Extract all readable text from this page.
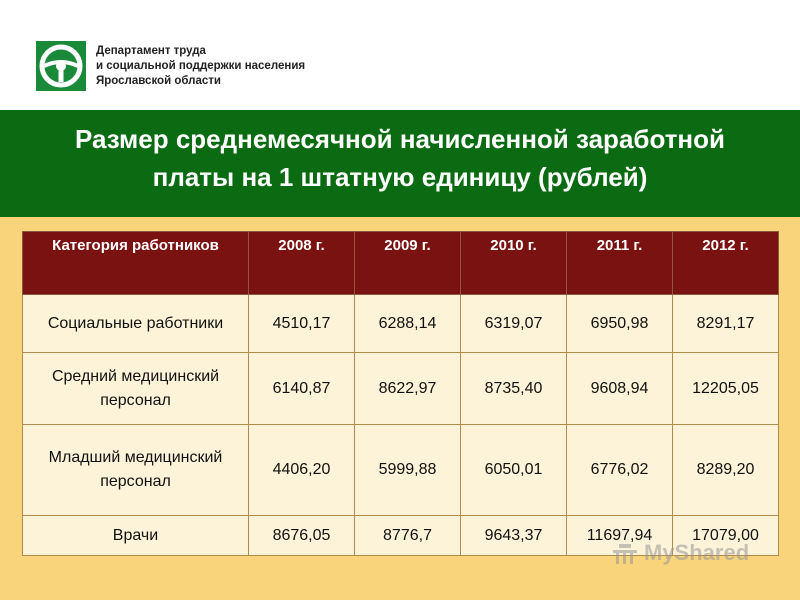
Департамент труда
и социальной поддержки населения
Ярославской области
Размер среднемесячной начисленной заработной
платы на 1 штатную единицу (рублей)
Категория работников	2008 г.	2009 г.	2010 г.	2011 г.	2012 г.
Социальные работники	4510,17	6288,14	6319,07	6950,98	8291,17
Средний медицинский персонал	6140,87	8622,97	8735,40	9608,94	12205,05
Младший медицинский персонал	4406,20	5999,88	6050,01	6776,02	8289,20
Врачи	8676,05	8776,7	9643,37	11697,94	17079,00
MyShared
